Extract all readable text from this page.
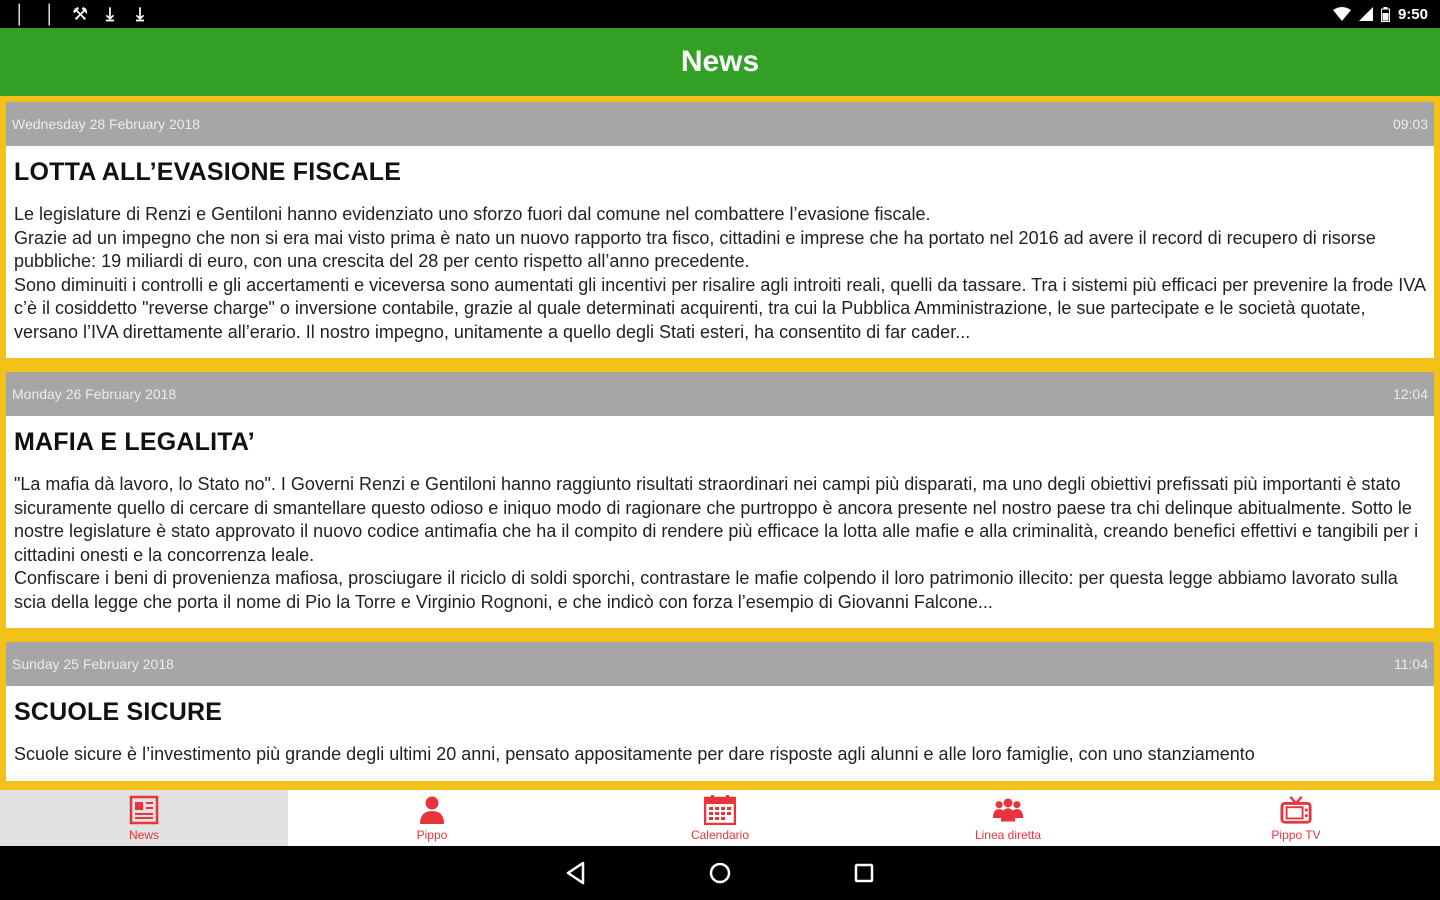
│ │ ⚒ ⤓ ⤓	9:50
News
Wednesday 28 February 2018	09:03
LOTTA ALL’EVASIONE FISCALE
Le legislature di Renzi e Gentiloni hanno evidenziato uno sforzo fuori dal comune nel combattere l’evasione fiscale.
Grazie ad un impegno che non si era mai visto prima è nato un nuovo rapporto tra fisco, cittadini e imprese che ha portato nel 2016 ad avere il record di recupero di risorse pubbliche: 19 miliardi di euro, con una crescita del 28 per cento rispetto all’anno precedente.
Sono diminuiti i controlli e gli accertamenti e viceversa sono aumentati gli incentivi per risalire agli introiti reali, quelli da tassare. Tra i sistemi più efficaci per prevenire la frode IVA c’è il cosiddetto "reverse charge" o inversione contabile, grazie al quale determinati acquirenti, tra cui la Pubblica Amministrazione, le sue partecipate e le società quotate, versano l’IVA direttamente all’erario. Il nostro impegno, unitamente a quello degli Stati esteri, ha consentito di far cader...
Monday 26 February 2018	12:04
MAFIA E LEGALITA’
"La mafia dà lavoro, lo Stato no". I Governi Renzi e Gentiloni hanno raggiunto risultati straordinari nei campi più disparati, ma uno degli obiettivi prefissati più importanti è stato sicuramente quello di cercare di smantellare questo odioso e iniquo modo di ragionare che purtroppo è ancora presente nel nostro paese tra chi delinque abitualmente. Sotto le nostre legislature è stato approvato il nuovo codice antimafia che ha il compito di rendere più efficace la lotta alle mafie e alla criminalità, creando benefici effettivi e tangibili per i cittadini onesti e la concorrenza leale.
Confiscare i beni di provenienza mafiosa, prosciugare il riciclo di soldi sporchi, contrastare le mafie colpendo il loro patrimonio illecito: per questa legge abbiamo lavorato sulla scia della legge che porta il nome di Pio la Torre e Virginio Rognoni, e che indicò con forza l’esempio di Giovanni Falcone...
Sunday 25 February 2018	11:04
SCUOLE SICURE
Scuole sicure è l’investimento più grande degli ultimi 20 anni, pensato appositamente per dare risposte agli alunni e alle loro famiglie, con uno stanziamento
News	Pippo	Calendario	Linea diretta	Pippo TV
